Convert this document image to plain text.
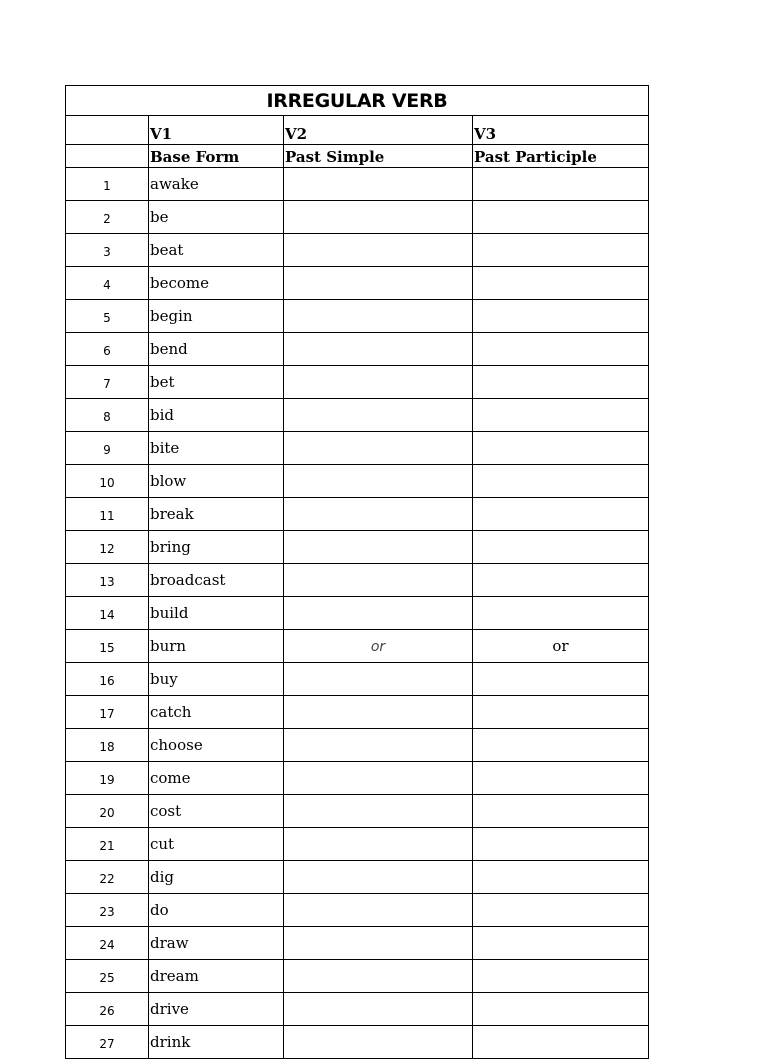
IRREGULAR VERB			
	V1	V2	V3
	Base Form	Past Simple	Past Participle
1	awake		
2	be		
3	beat		
4	become		
5	begin		
6	bend		
7	bet		
8	bid		
9	bite		
10	blow		
11	break		
12	bring		
13	broadcast		
14	build		
15	burn	or	or
16	buy		
17	catch		
18	choose		
19	come		
20	cost		
21	cut		
22	dig		
23	do		
24	draw		
25	dream		
26	drive		
27	drink		
